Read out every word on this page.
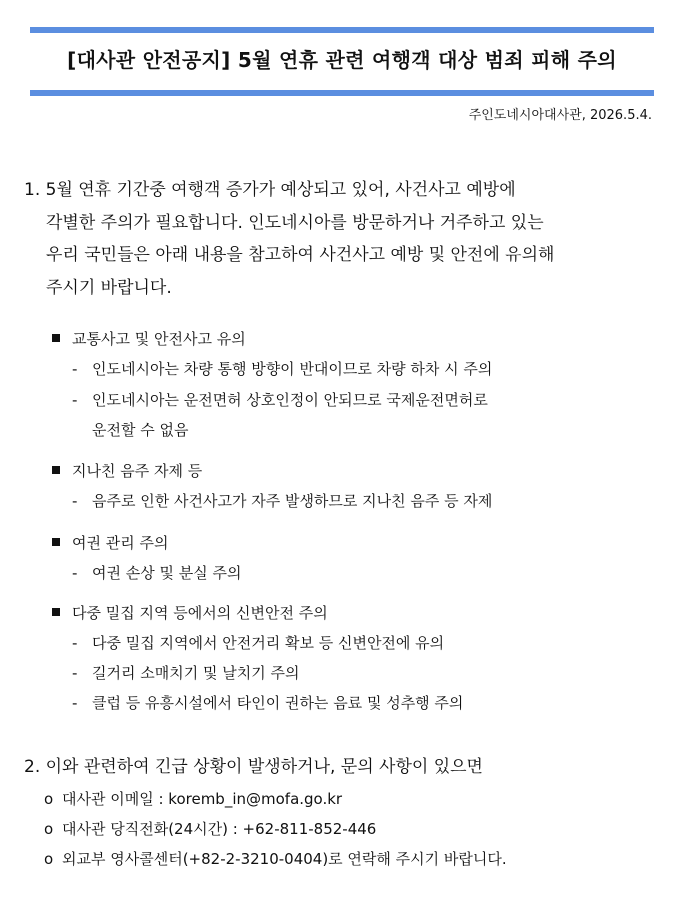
[대사관 안전공지] 5월 연휴 관련 여행객 대상 범죄 피해 주의
주인도네시아대사관, 2026.5.4.
1. 5월 연휴 기간중 여행객 증가가 예상되고 있어, 사건사고 예방에
각별한 주의가 필요합니다. 인도네시아를 방문하거나 거주하고 있는
우리 국민들은 아래 내용을 참고하여 사건사고 예방 및 안전에 유의해
주시기 바랍니다.
교통사고 및 안전사고 유의
- 인도네시아는 차량 통행 방향이 반대이므로 차량 하차 시 주의
- 인도네시아는 운전면허 상호인정이 안되므로 국제운전면허로
운전할 수 없음
지나친 음주 자제 등
- 음주로 인한 사건사고가 자주 발생하므로 지나친 음주 등 자제
여권 관리 주의
- 여권 손상 및 분실 주의
다중 밀집 지역 등에서의 신변안전 주의
- 다중 밀집 지역에서 안전거리 확보 등 신변안전에 유의
- 길거리 소매치기 및 날치기 주의
- 클럽 등 유흥시설에서 타인이 권하는 음료 및 성추행 주의
2. 이와 관련하여 긴급 상황이 발생하거나, 문의 사항이 있으면
o 대사관 이메일 : koremb_in@mofa.go.kr
o 대사관 당직전화(24시간) : +62-811-852-446
o 외교부 영사콜센터(+82-2-3210-0404)로 연락해 주시기 바랍니다.
